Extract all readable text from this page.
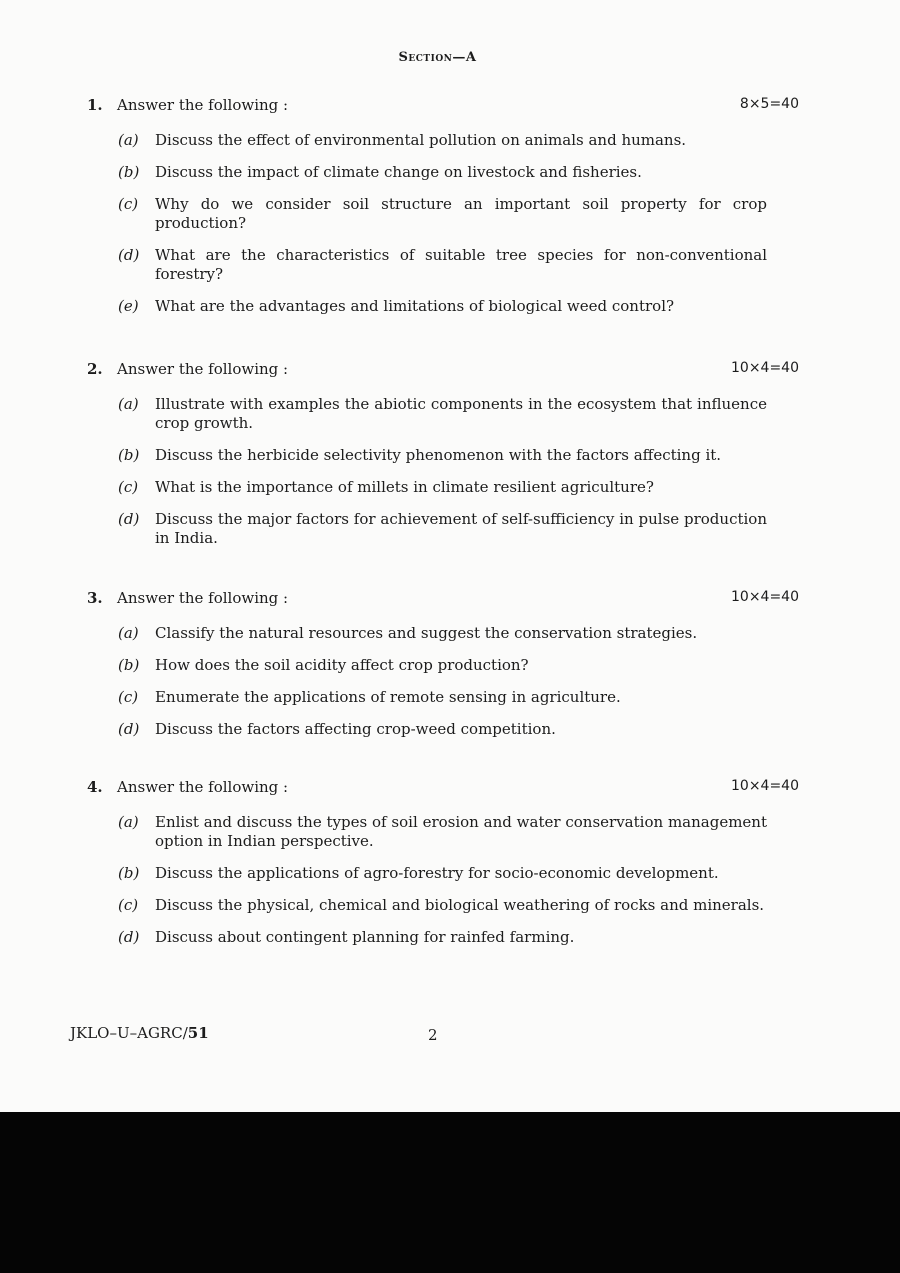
Section—A
1. Answer the following :	8×5=40
(a) Discuss the effect of environmental pollution on animals and humans.
(b) Discuss the impact of climate change on livestock and fisheries.
(c) Why do we consider soil structure an important soil property for crop production?
(d) What are the characteristics of suitable tree species for non-conventional forestry?
(e) What are the advantages and limitations of biological weed control?
2. Answer the following :	10×4=40
(a) Illustrate with examples the abiotic components in the ecosystem that influence crop growth.
(b) Discuss the herbicide selectivity phenomenon with the factors affecting it.
(c) What is the importance of millets in climate resilient agriculture?
(d) Discuss the major factors for achievement of self-sufficiency in pulse production in India.
3. Answer the following :	10×4=40
(a) Classify the natural resources and suggest the conservation strategies.
(b) How does the soil acidity affect crop production?
(c) Enumerate the applications of remote sensing in agriculture.
(d) Discuss the factors affecting crop-weed competition.
4. Answer the following :	10×4=40
(a) Enlist and discuss the types of soil erosion and water conservation management option in Indian perspective.
(b) Discuss the applications of agro-forestry for socio-economic development.
(c) Discuss the physical, chemical and biological weathering of rocks and minerals.
(d) Discuss about contingent planning for rainfed farming.
JKLO–U–AGRC/51	2
